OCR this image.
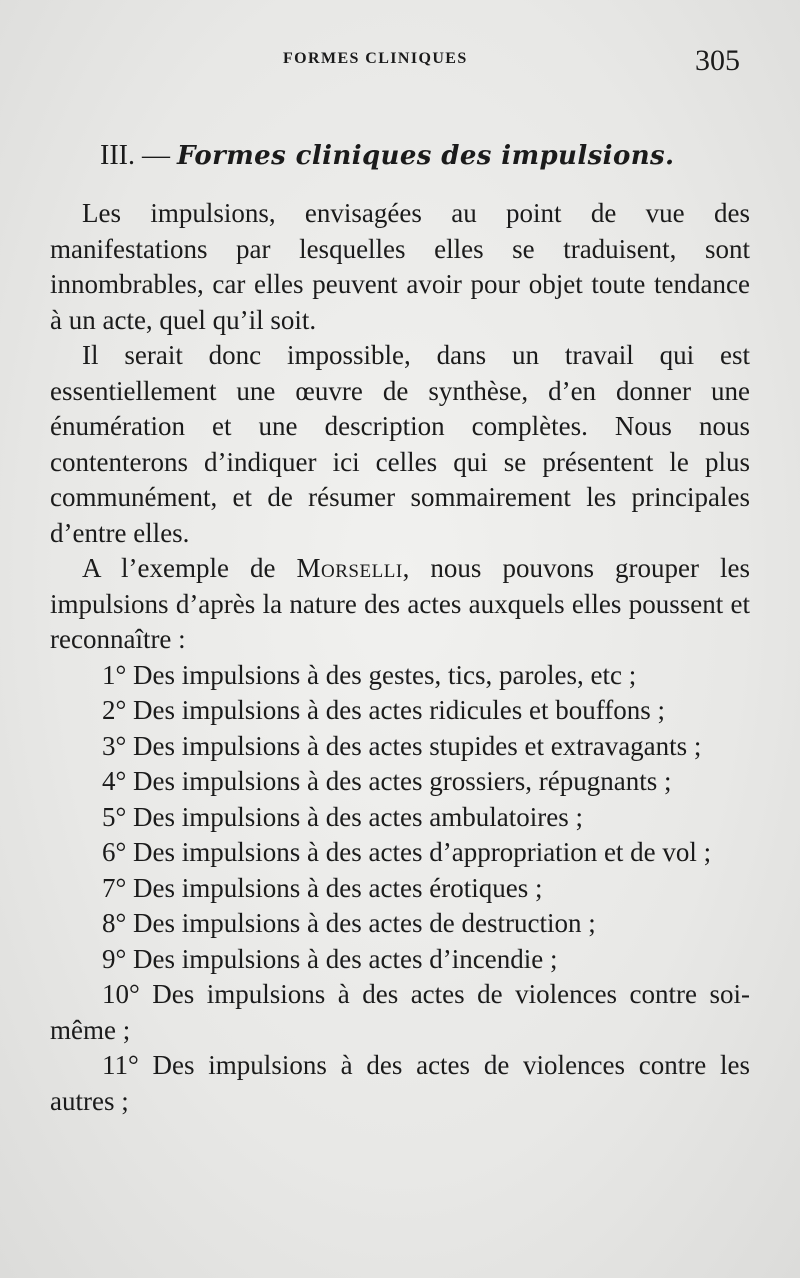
FORMES CLINIQUES	305
III. — Formes cliniques des impulsions.

Les impulsions, envisagées au point de vue des manifestations par lesquelles elles se traduisent, sont innombrables, car elles peuvent avoir pour objet toute tendance à un acte, quel qu’il soit.

Il serait donc impossible, dans un travail qui est essentiellement une œuvre de synthèse, d’en donner une énumération et une description complètes. Nous nous contenterons d’indiquer ici celles qui se présentent le plus communément, et de résumer sommairement les principales d’entre elles.

A l’exemple de Morselli, nous pouvons grouper les impulsions d’après la nature des actes auxquels elles poussent et reconnaître :

1° Des impulsions à des gestes, tics, paroles, etc ;

2° Des impulsions à des actes ridicules et bouffons ;

3° Des impulsions à des actes stupides et extravagants ;

4° Des impulsions à des actes grossiers, répugnants ;

5° Des impulsions à des actes ambulatoires ;

6° Des impulsions à des actes d’appropriation et de vol ;

7° Des impulsions à des actes érotiques ;

8° Des impulsions à des actes de destruction ;

9° Des impulsions à des actes d’incendie ;

10° Des impulsions à des actes de violences contre soi-même ;

11° Des impulsions à des actes de violences contre les autres ;
